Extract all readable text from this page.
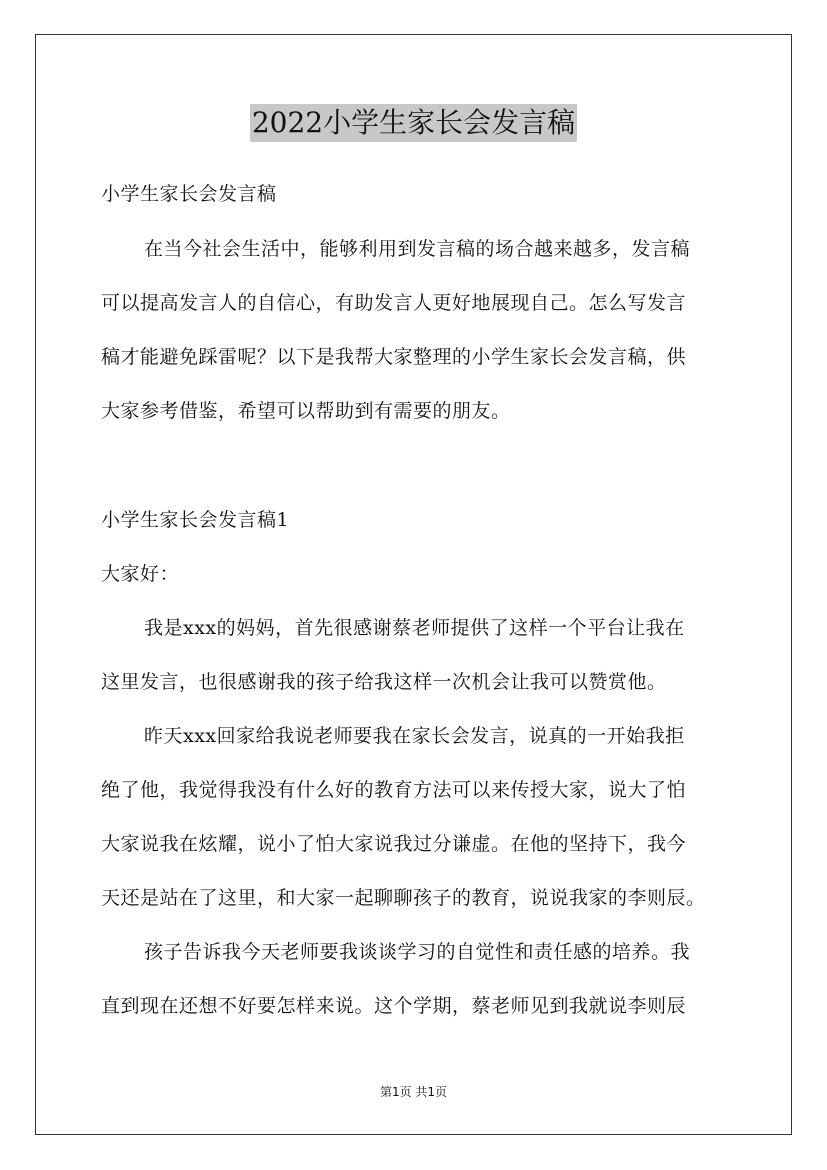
2022小学生家长会发言稿
小学生家长会发言稿
在当今社会生活中，能够利用到发言稿的场合越来越多，发言稿
可以提高发言人的自信心，有助发言人更好地展现自己。怎么写发言
稿才能避免踩雷呢？以下是我帮大家整理的小学生家长会发言稿，供
大家参考借鉴，希望可以帮助到有需要的朋友。
小学生家长会发言稿1
大家好：
我是xxx的妈妈，首先很感谢蔡老师提供了这样一个平台让我在
这里发言，也很感谢我的孩子给我这样一次机会让我可以赞赏他。
昨天xxx回家给我说老师要我在家长会发言，说真的一开始我拒
绝了他，我觉得我没有什么好的教育方法可以来传授大家，说大了怕
大家说我在炫耀，说小了怕大家说我过分谦虚。在他的坚持下，我今
天还是站在了这里，和大家一起聊聊孩子的教育，说说我家的李则辰。
孩子告诉我今天老师要我谈谈学习的自觉性和责任感的培养。我
直到现在还想不好要怎样来说。这个学期，蔡老师见到我就说李则辰
第1页 共1页
